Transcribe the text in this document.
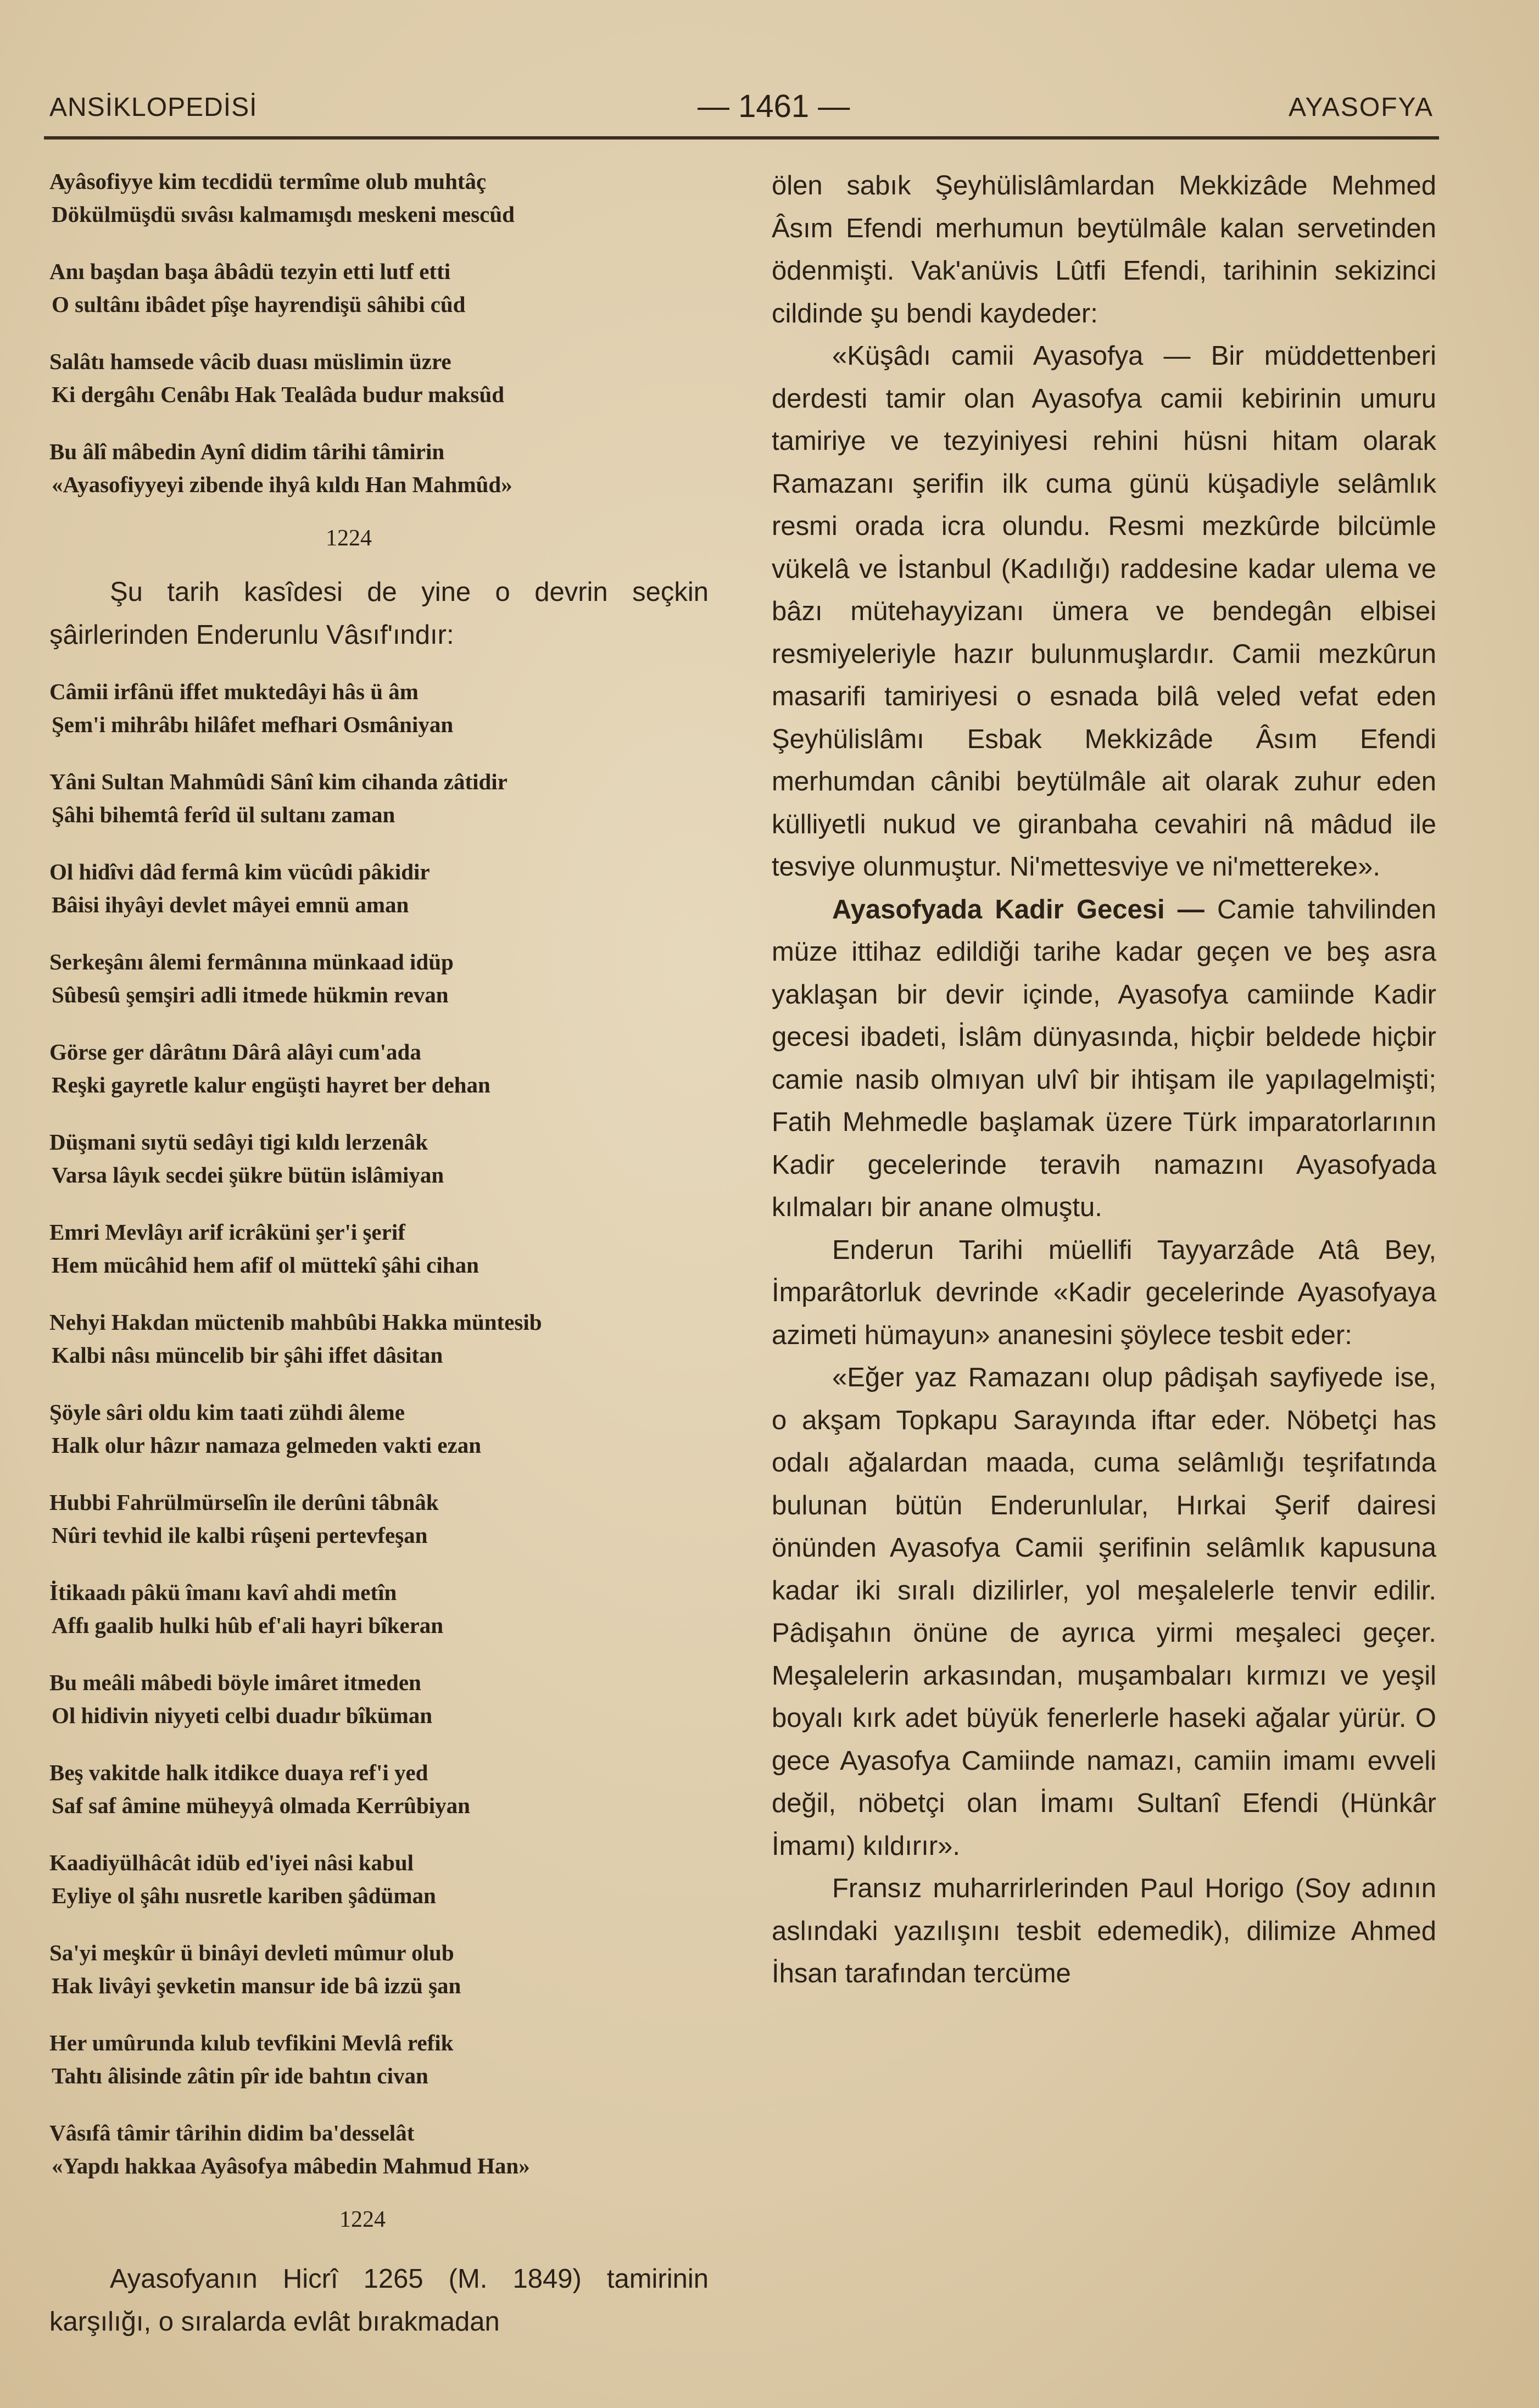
ANSİKLOPEDİSİ	— 1461 —	AYASOFYA
Ayâsofiyye kim tecdidü termîme olub muhtâç
Dökülmüşdü sıvâsı kalmamışdı meskeni mescûd
Anı başdan başa âbâdü tezyin etti lutf etti
O sultânı ibâdet pîşe hayrendişü sâhibi cûd
Salâtı hamsede vâcib duası müslimin üzre
Ki dergâhı Cenâbı Hak Tealâda budur maksûd
Bu âlî mâbedin Aynî didim târihi tâmirin
«Ayasofiyyeyi zibende ihyâ kıldı Han Mahmûd»
1224

Şu tarih kasîdesi de yine o devrin seçkin şâirlerinden Enderunlu Vâsıf'ındır:

Câmii irfânü iffet muktedâyi hâs ü âm
Şem'i mihrâbı hilâfet mefhari Osmâniyan
Yâni Sultan Mahmûdi Sânî kim cihanda zâtidir
Şâhi bihemtâ ferîd ül sultanı zaman
Ol hidîvi dâd fermâ kim vücûdi pâkidir
Bâisi ihyâyi devlet mâyei emnü aman
Serkeşânı âlemi fermânına münkaad idüp
Sûbesû şemşiri adli itmede hükmin revan
Görse ger dârâtını Dârâ alâyi cum'ada
Reşki gayretle kalur engüşti hayret ber dehan
Düşmani sıytü sedâyi tigi kıldı lerzenâk
Varsa lâyık secdei şükre bütün islâmiyan
Emri Mevlâyı arif icrâküni şer'i şerif
Hem mücâhid hem afif ol müttekî şâhi cihan
Nehyi Hakdan müctenib mahbûbi Hakka müntesib
Kalbi nâsı müncelib bir şâhi iffet dâsitan
Şöyle sâri oldu kim taati zühdi âleme
Halk olur hâzır namaza gelmeden vakti ezan
Hubbi Fahrülmürselîn ile derûni tâbnâk
Nûri tevhid ile kalbi rûşeni pertevfeşan
İtikaadı pâkü îmanı kavî ahdi metîn
Affı gaalib hulki hûb ef'ali hayri bîkeran
Bu meâli mâbedi böyle imâret itmeden
Ol hidivin niyyeti celbi duadır bîküman
Beş vakitde halk itdikce duaya ref'i yed
Saf saf âmine mühеyyâ olmada Kerrûbiyan
Kaadiyülhâcât idüb ed'iyei nâsi kabul
Eyliye ol şâhı nusretle kariben şâdüman
Sa'yi meşkûr ü binâyi devleti mûmur olub
Hak livâyi şevketin mansur ide bâ izzü şan
Her umûrunda kılub tevfikini Mevlâ refik
Tahtı âlisinde zâtin pîr ide bahtın civan
Vâsıfâ tâmir târihin didim ba'desselât
«Yapdı hakkaa Ayâsofya mâbedin Mahmud Han»
1224

Ayasofyanın Hicrî 1265 (M. 1849) tamirinin karşılığı, o sıralarda evlât bırakmadan

ölen sabık Şeyhülislâmlardan Mekkizâde Mehmed Âsım Efendi merhumun beytülmâle kalan servetinden ödenmişti. Vak'anüvis Lûtfi Efendi, tarihinin sekizinci cildinde şu bendi kaydeder:

«Küşâdı camii Ayasofya — Bir müddettenberi derdesti tamir olan Ayasofya camii kebirinin umuru tamiriye ve tezyiniyesi rehini hüsni hitam olarak Ramazanı şerifin ilk cuma günü küşadiyle selâmlık resmi orada icra olundu. Resmi mezkûrde bilcümle vükelâ ve İstanbul (Kadılığı) raddesine kadar ulema ve bâzı mütehayyizanı ümera ve bendegân elbisei resmiyeleriyle hazır bulunmuşlardır. Camii mezkûrun masarifi tamiriyesi o esnada bilâ veled vefat eden Şeyhülislâmı Esbak Mekkizâde Âsım Efendi merhumdan cânibi beytülmâle ait olarak zuhur eden külliyetli nukud ve giranbaha cevahiri nâ mâdud ile tesviye olunmuştur. Ni'mettesviye ve ni'mettereke».

Ayasofyada Kadir Gecesi — Camie tahvilinden müze ittihaz edildiği tarihe kadar geçen ve beş asra yaklaşan bir devir içinde, Ayasofya camiinde Kadir gecesi ibadeti, İslâm dünyasında, hiçbir beldede hiçbir camie nasib olmıyan ulvî bir ihtişam ile yapılagelmişti; Fatih Mehmedle başlamak üzere Türk imparatorlarının Kadir gecelerinde teravih namazını Ayasofyada kılmaları bir anane olmuştu.

Enderun Tarihi müellifi Tayyarzâde Atâ Bey, İmparâtorluk devrinde «Kadir gecelerinde Ayasofyaya azimeti hümayun» ananesini şöylece tesbit eder:

«Eğer yaz Ramazanı olup pâdişah sayfiyede ise, o akşam Topkapu Sarayında iftar eder. Nöbetçi has odalı ağalardan maada, cuma selâmlığı teşrifatında bulunan bütün Enderunlular, Hırkai Şerif dairesi önünden Ayasofya Camii şerifinin selâmlık kapusuna kadar iki sıralı dizilirler, yol meşalelerle tenvir edilir. Pâdişahın önüne de ayrıca yirmi meşaleci geçer. Meşalelerin arkasından, muşambaları kırmızı ve yeşil boyalı kırk adet büyük fenerlerle haseki ağalar yürür. O gece Ayasofya Camiinde namazı, camiin imamı evveli değil, nöbetçi olan İmamı Sultanî Efendi (Hünkâr İmamı) kıldırır».

Fransız muharrirlerinden Paul Horigo (Soy adının aslındaki yazılışını tesbit edemedik), dilimize Ahmed İhsan tarafından tercüme
